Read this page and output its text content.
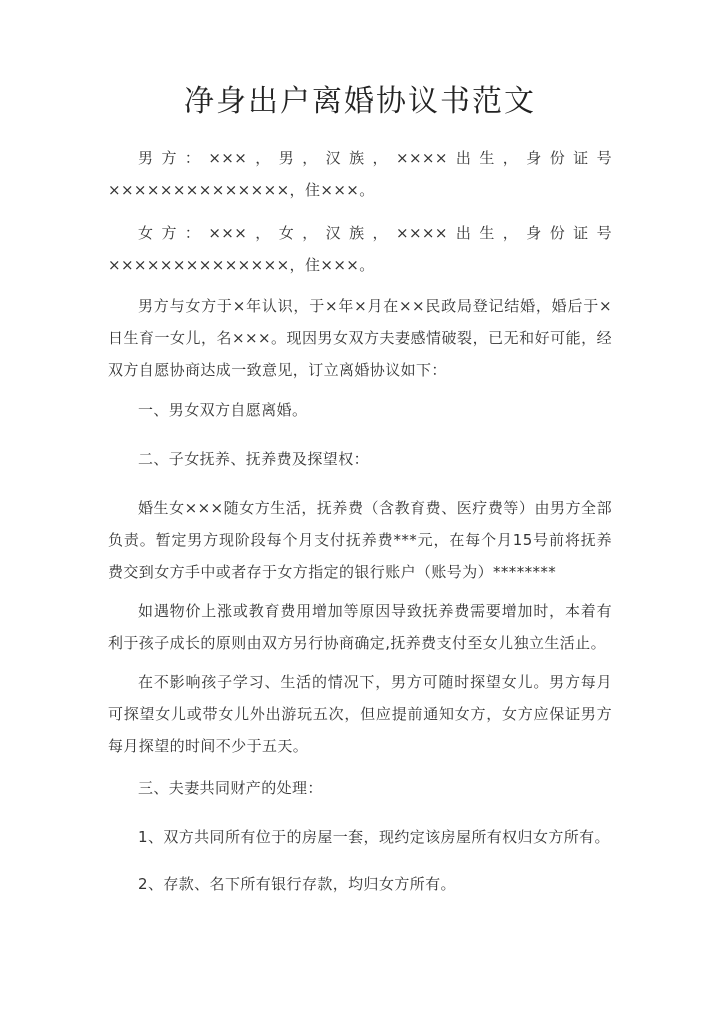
净身出户离婚协议书范文

男方：×××，男，汉族，××××出生，身份证号××××××××××××××，住×××。

女方：×××，女，汉族，××××出生，身份证号××××××××××××××，住×××。

男方与女方于×年认识，于×年×月在××民政局登记结婚，婚后于×日生育一女儿，名×××。现因男女双方夫妻感情破裂，已无和好可能，经双方自愿协商达成一致意见，订立离婚协议如下：

一、男女双方自愿离婚。

二、子女抚养、抚养费及探望权：

婚生女×××随女方生活，抚养费（含教育费、医疗费等）由男方全部负责。暂定男方现阶段每个月支付抚养费***元，在每个月15号前将抚养费交到女方手中或者存于女方指定的银行账户（账号为）********

如遇物价上涨或教育费用增加等原因导致抚养费需要增加时，本着有利于孩子成长的原则由双方另行协商确定,抚养费支付至女儿独立生活止。

在不影响孩子学习、生活的情况下，男方可随时探望女儿。男方每月可探望女儿或带女儿外出游玩五次，但应提前通知女方，女方应保证男方每月探望的时间不少于五天。

三、夫妻共同财产的处理：

1、双方共同所有位于的房屋一套，现约定该房屋所有权归女方所有。

2、存款、名下所有银行存款，均归女方所有。
